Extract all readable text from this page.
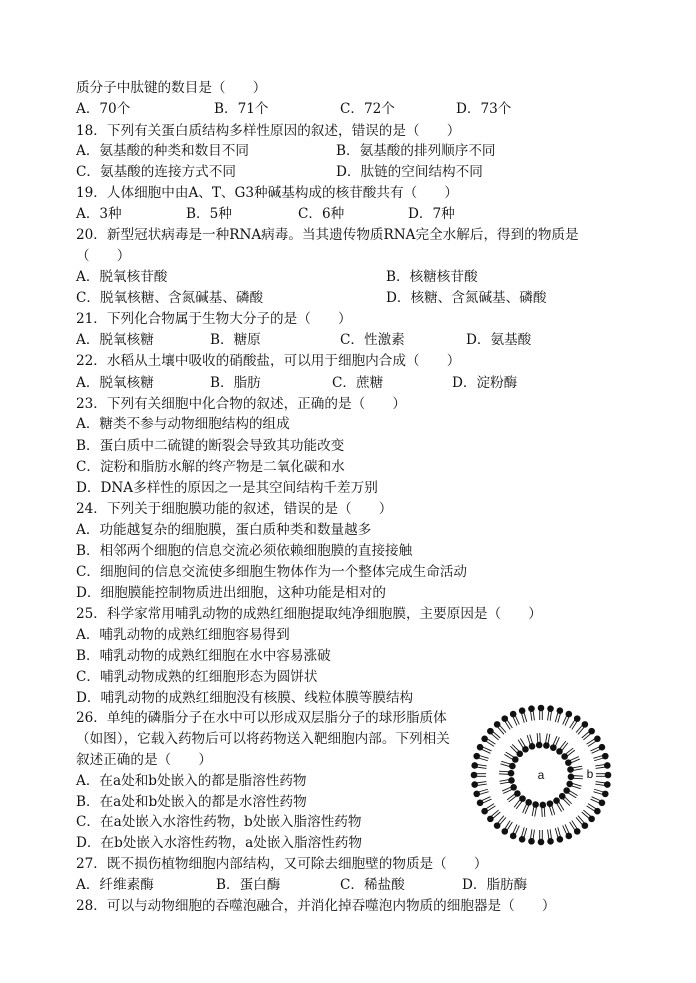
质分子中肽键的数目是（　　）
A．70个	B．71个	C．72个	D．73个
18．下列有关蛋白质结构多样性原因的叙述，错误的是（　　）
A．氨基酸的种类和数目不同	B．氨基酸的排列顺序不同
C．氨基酸的连接方式不同	D．肽链的空间结构不同
19．人体细胞中由A、T、G3种碱基构成的核苷酸共有（　　）
A．3种	B．5种	C．6种	D．7种
20．新型冠状病毒是一种RNA病毒。当其遗传物质RNA完全水解后，得到的物质是
（　　）
A．脱氧核苷酸	B．核糖核苷酸
C．脱氧核糖、含氮碱基、磷酸	D．核糖、含氮碱基、磷酸
21．下列化合物属于生物大分子的是（　　）
A．脱氧核糖	B．糖原	C．性激素	D．氨基酸
22．水稻从土壤中吸收的硝酸盐，可以用于细胞内合成（　　）
A．脱氧核糖	B．脂肪	C．蔗糖	D．淀粉酶
23．下列有关细胞中化合物的叙述，正确的是（　　）
A．糖类不参与动物细胞结构的组成
B．蛋白质中二硫键的断裂会导致其功能改变
C．淀粉和脂肪水解的终产物是二氧化碳和水
D．DNA多样性的原因之一是其空间结构千差万别
24．下列关于细胞膜功能的叙述，错误的是（　　）
A．功能越复杂的细胞膜，蛋白质种类和数量越多
B．相邻两个细胞的信息交流必须依赖细胞膜的直接接触
C．细胞间的信息交流使多细胞生物体作为一个整体完成生命活动
D．细胞膜能控制物质进出细胞，这种功能是相对的
25．科学家常用哺乳动物的成熟红细胞提取纯净细胞膜，主要原因是（　　）
A．哺乳动物的成熟红细胞容易得到
B．哺乳动物的成熟红细胞在水中容易涨破
C．哺乳动物成熟的红细胞形态为圆饼状
D．哺乳动物的成熟红细胞没有核膜、线粒体膜等膜结构
26．单纯的磷脂分子在水中可以形成双层脂分子的球形脂质体
（如图），它载入药物后可以将药物送入靶细胞内部。下列相关
叙述正确的是（　　）
A．在a处和b处嵌入的都是脂溶性药物
B．在a处和b处嵌入的都是水溶性药物
C．在a处嵌入水溶性药物，b处嵌入脂溶性药物
D．在b处嵌入水溶性药物，a处嵌入脂溶性药物
27．既不损伤植物细胞内部结构，又可除去细胞壁的物质是（　　）
A．纤维素酶	B．蛋白酶	C．稀盐酸	D．脂肪酶
28．可以与动物细胞的吞噬泡融合，并消化掉吞噬泡内物质的细胞器是（　　）
a	b
